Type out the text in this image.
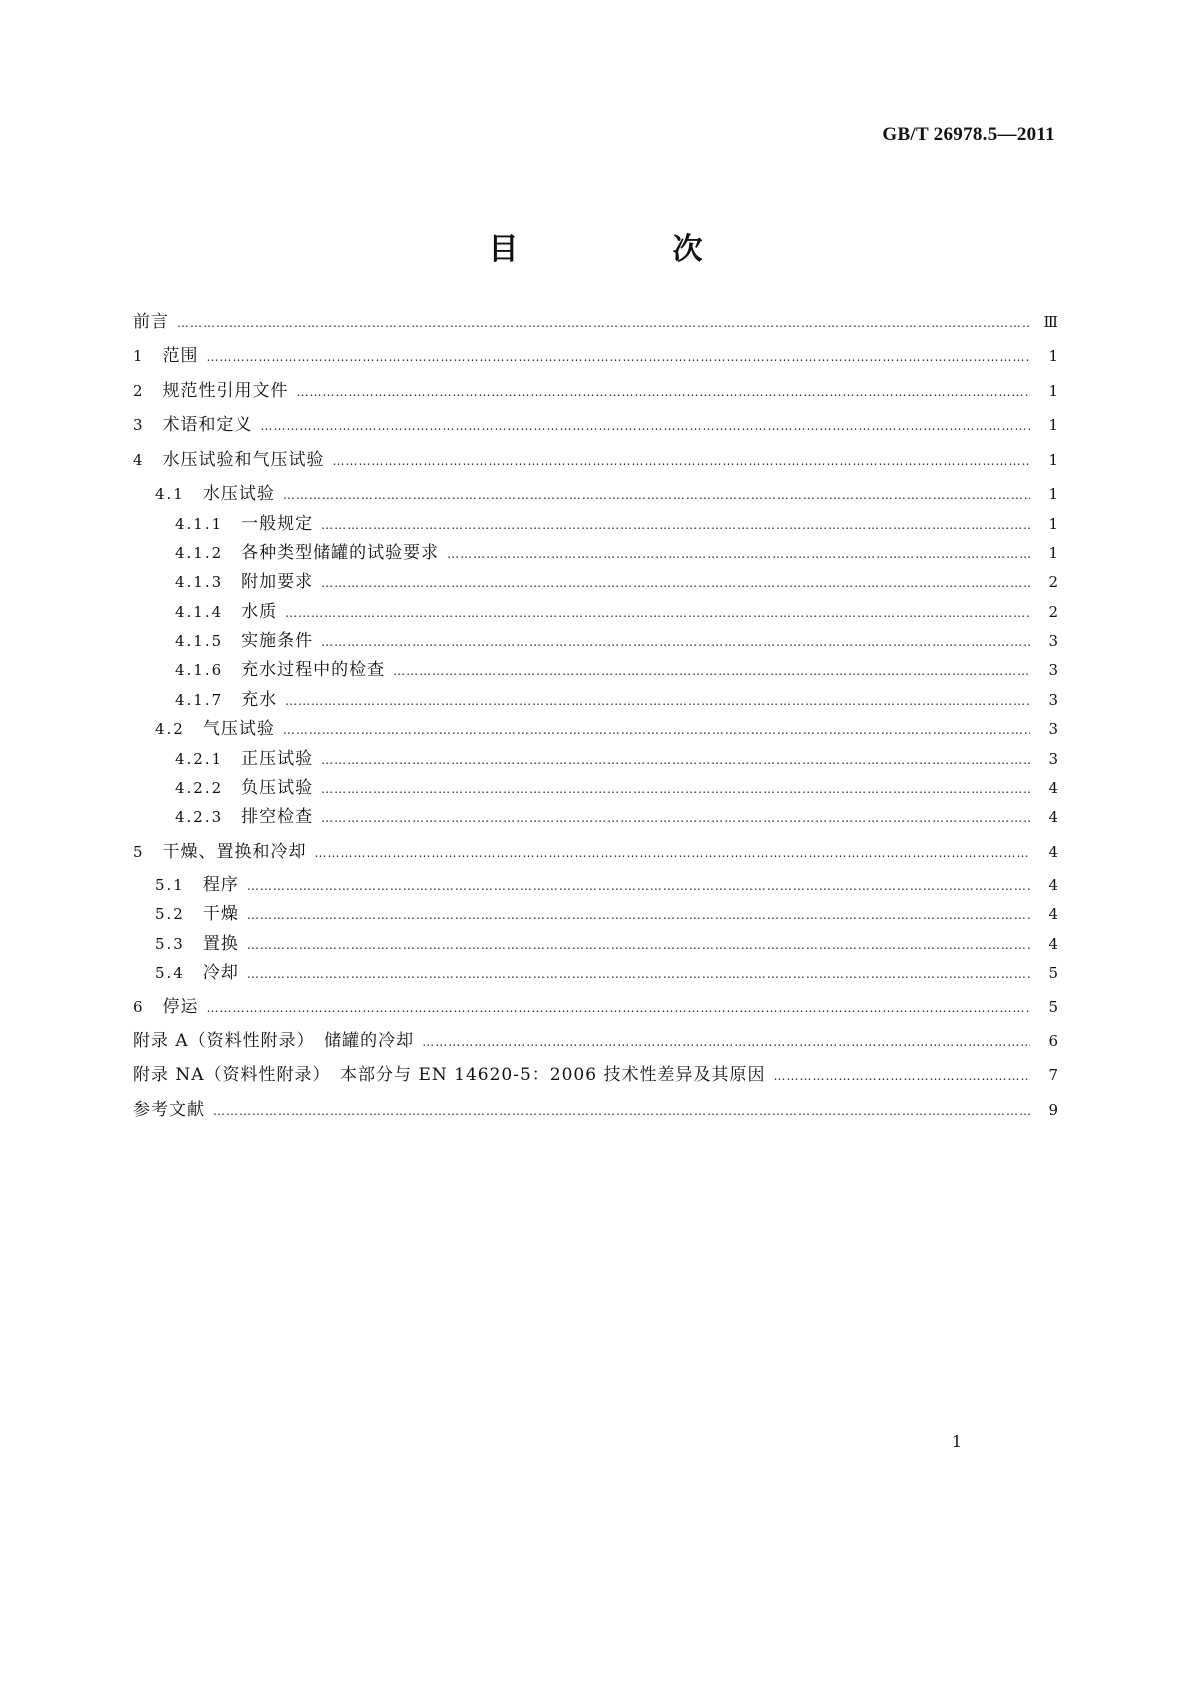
GB/T 26978.5—2011
目　次
前言 ………………………………………………………………………………………………………………………………………………………………………………………………………………………………………………………………………………………………………………	Ⅲ
1 范围 ………………………………………………………………………………………………………………………………………………………………………………………………………………………………………………………………………………………………………………	1
2 规范性引用文件 ………………………………………………………………………………………………………………………………………………………………………………………………………………………………………………………………………………………………………………	1
3 术语和定义 ………………………………………………………………………………………………………………………………………………………………………………………………………………………………………………………………………………………………………………	1
4 水压试验和气压试验 ………………………………………………………………………………………………………………………………………………………………………………………………………………………………………………………………………………………………………………	1
4.1 水压试验 ………………………………………………………………………………………………………………………………………………………………………………………………………………………………………………………………………………………………………………	1
4.1.1 一般规定 ………………………………………………………………………………………………………………………………………………………………………………………………………………………………………………………………………………………………………………	1
4.1.2 各种类型储罐的试验要求 ………………………………………………………………………………………………………………………………………………………………………………………………………………………………………………………………………………………………………………	1
4.1.3 附加要求 ………………………………………………………………………………………………………………………………………………………………………………………………………………………………………………………………………………………………………………	2
4.1.4 水质 ………………………………………………………………………………………………………………………………………………………………………………………………………………………………………………………………………………………………………………	2
4.1.5 实施条件 ………………………………………………………………………………………………………………………………………………………………………………………………………………………………………………………………………………………………………………	3
4.1.6 充水过程中的检查 ………………………………………………………………………………………………………………………………………………………………………………………………………………………………………………………………………………………………………………	3
4.1.7 充水 ………………………………………………………………………………………………………………………………………………………………………………………………………………………………………………………………………………………………………………	3
4.2 气压试验 ………………………………………………………………………………………………………………………………………………………………………………………………………………………………………………………………………………………………………………	3
4.2.1 正压试验 ………………………………………………………………………………………………………………………………………………………………………………………………………………………………………………………………………………………………………………	3
4.2.2 负压试验 ………………………………………………………………………………………………………………………………………………………………………………………………………………………………………………………………………………………………………………	4
4.2.3 排空检查 ………………………………………………………………………………………………………………………………………………………………………………………………………………………………………………………………………………………………………………	4
5 干燥、置换和冷却 ………………………………………………………………………………………………………………………………………………………………………………………………………………………………………………………………………………………………………………	4
5.1 程序 ………………………………………………………………………………………………………………………………………………………………………………………………………………………………………………………………………………………………………………	4
5.2 干燥 ………………………………………………………………………………………………………………………………………………………………………………………………………………………………………………………………………………………………………………	4
5.3 置换 ………………………………………………………………………………………………………………………………………………………………………………………………………………………………………………………………………………………………………………	4
5.4 冷却 ………………………………………………………………………………………………………………………………………………………………………………………………………………………………………………………………………………………………………………	5
6 停运 ………………………………………………………………………………………………………………………………………………………………………………………………………………………………………………………………………………………………………………	5
附录 A（资料性附录）　储罐的冷却 ………………………………………………………………………………………………………………………………………………………………………………………………………………………………………………………………………………………………………………	6
附录 NA（资料性附录）　本部分与 EN 14620-5：2006 技术性差异及其原因 ………………………………………………………………………………………………………………………………………………………………………………………………………………………………………………………………………………………………………………	7
参考文献 ………………………………………………………………………………………………………………………………………………………………………………………………………………………………………………………………………………………………………………	9
1
